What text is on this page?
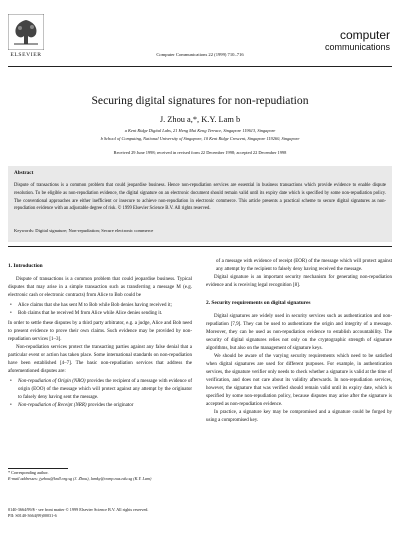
ELSEVIER	Computer Communications 22 (1999) 710–716
computer
communications
Securing digital signatures for non-repudiation
J. Zhou a,*, K.Y. Lam b
a Kent Ridge Digital Labs, 21 Heng Mui Keng Terrace, Singapore 119613, Singapore
b School of Computing, National University of Singapore, 10 Kent Ridge Crescent, Singapore 119260, Singapore
Received 29 June 1998; received in revised form 22 December 1998; accepted 22 December 1998
Abstract
Dispute of transactions is a common problem that could jeopardise business. Hence non-repudiation services are essential in business transactions which provide evidence to enable dispute resolution. To be eligible as non-repudiation evidence, the digital signature on an electronic document should remain valid until its expiry date which is specified by some non-repudiation policy. The conventional approaches are either inefficient or insecure to achieve non-repudiation in electronic commerce. This article presents a practical scheme to secure digital signatures as non-repudiation evidence with an adjustable degree of risk. © 1999 Elsevier Science B.V. All rights reserved.
Keywords: Digital signature; Non-repudiation; Secure electronic commerce
1. Introduction
Dispute of transactions is a common problem that could jeopardise business. Typical disputes that may arise in a simple transaction such as transferring a message M (e.g. electronic cash or electronic contracts) from Alice to Bob could be
• Alice claims that she has sent M to Bob while Bob denies having received it;
• Bob claims that he received M from Alice while Alice denies sending it.
In order to settle these disputes by a third party arbitrator, e.g. a judge, Alice and Bob need to present evidence to prove their own claims. Such evidence may be provided by non-repudiation services [1–3].
Non-repudiation services protect the transacting parties against any false denial that a particular event or action has taken place. Some international standards on non-repudiation have been established [4–7]. The basic non-repudiation services that address the aforementioned disputes are:
• Non-repudiation of Origin (NRO) provides the recipient of a message with evidence of origin (EOO) of the message which will protect against any attempt by the originator to falsely deny having sent the message.
• Non-repudiation of Receipt (NRR) provides the originator
of a message with evidence of receipt (EOR) of the message which will protect against any attempt by the recipient to falsely deny having received the message.
Digital signature is an important security mechanism for generating non-repudiation evidence and is receiving legal recognition [8].
2. Security requirements on digital signatures
Digital signatures are widely used in security services such as authentication and non-repudiation [7,9]. They can be used to authenticate the origin and integrity of a message. Moreover, they can be used as non-repudiation evidence to establish accountability. The security of digital signatures relies not only on the cryptographic strength of signature algorithms, but also on the management of signature keys.
We should be aware of the varying security requirements which need to be satisfied when digital signatures are used for different purposes. For example, in authentication services, the signature verifier only needs to check whether a signature is valid at the time of verification, and does not care about its validity afterwards. In non-repudiation services, however, the signature that was verified should remain valid until its expiry date, which is specified by some non-repudiation policy, because disputes may arise after the signature is accepted as non-repudiation evidence.
In practice, a signature key may be compromised and a signature could be forged by using a compromised key.
* Corresponding author.
E-mail addresses: jyzhou@krdl.org.sg (J. Zhou), lamky@comp.nus.edu.sg (K.Y. Lam)
0140-3664/99/$ - see front matter © 1999 Elsevier Science B.V. All rights reserved.
PII: S0140-3664(99)00031-6
